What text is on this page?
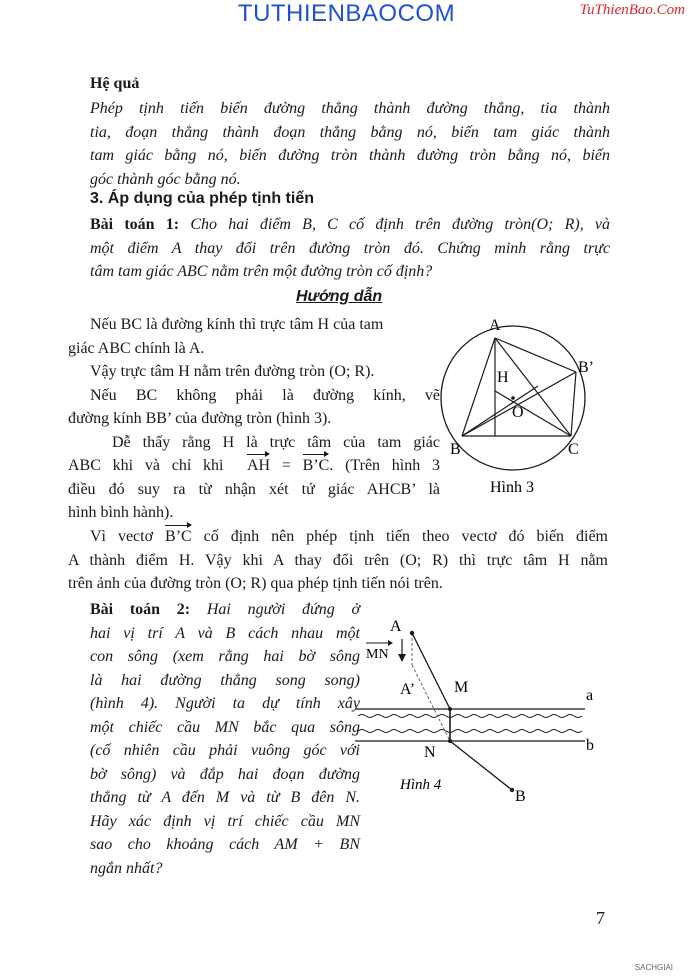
TUTHIENBAOCOM	TuThienBao.Com
Hệ quả
Phép tịnh tiến biến đường thẳng thành đường thẳng, tia thành
tia, đoạn thẳng thành đoạn thẳng bằng nó, biến tam giác thành
tam giác bằng nó, biến đường tròn thành đường tròn bằng nó, biến
góc thành góc bằng nó.
3. Áp dụng của phép tịnh tiến
Bài toán 1: Cho hai điểm B, C cố định trên đường tròn(O; R), và
một điểm A thay đổi trên đường tròn đó. Chứng minh rằng trực
tâm tam giác ABC nằm trên một đường tròn cố định?
Hướng dẫn
Nếu BC là đường kính thì trực tâm H của tam
giác ABC chính là A.
Vậy trực tâm H nằm trên đường tròn (O; R).
Nếu BC không phải là đường kính, vẽ
đường kính BB’ của đường tròn (hình 3).
Dễ thấy rằng H là trực tâm của tam giác
ABC khi và chỉ khi AH = B’C. (Trên hình 3
điều đó suy ra từ nhận xét tứ giác AHCB’ là
hình bình hành).
Vì vectơ B’C cố định nên phép tịnh tiến theo vectơ đó biến điểm
A thành điểm H. Vậy khi A thay đổi trên (O; R) thì trực tâm H nằm
trên ảnh của đường tròn (O; R) qua phép tịnh tiến nói trên.
A
B’
H
O
B	C
Hình 3
Bài toán 2: Hai người đứng ở
hai vị trí A và B cách nhau một
con sông (xem rằng hai bờ sông
là hai đường thẳng song song)
(hình 4). Người ta dự tính xây
một chiếc cầu MN bắc qua sông
(cố nhiên cầu phải vuông góc với
bờ sông) và đắp hai đoạn đường
thẳng từ A đến M và từ B đên N.
Hãy xác định vị trí chiếc cầu MN
sao cho khoảng cách AM + BN
ngắn nhất?
A
MN
A’ M
N
a
b
B
Hình 4
7
SACHGIAI
